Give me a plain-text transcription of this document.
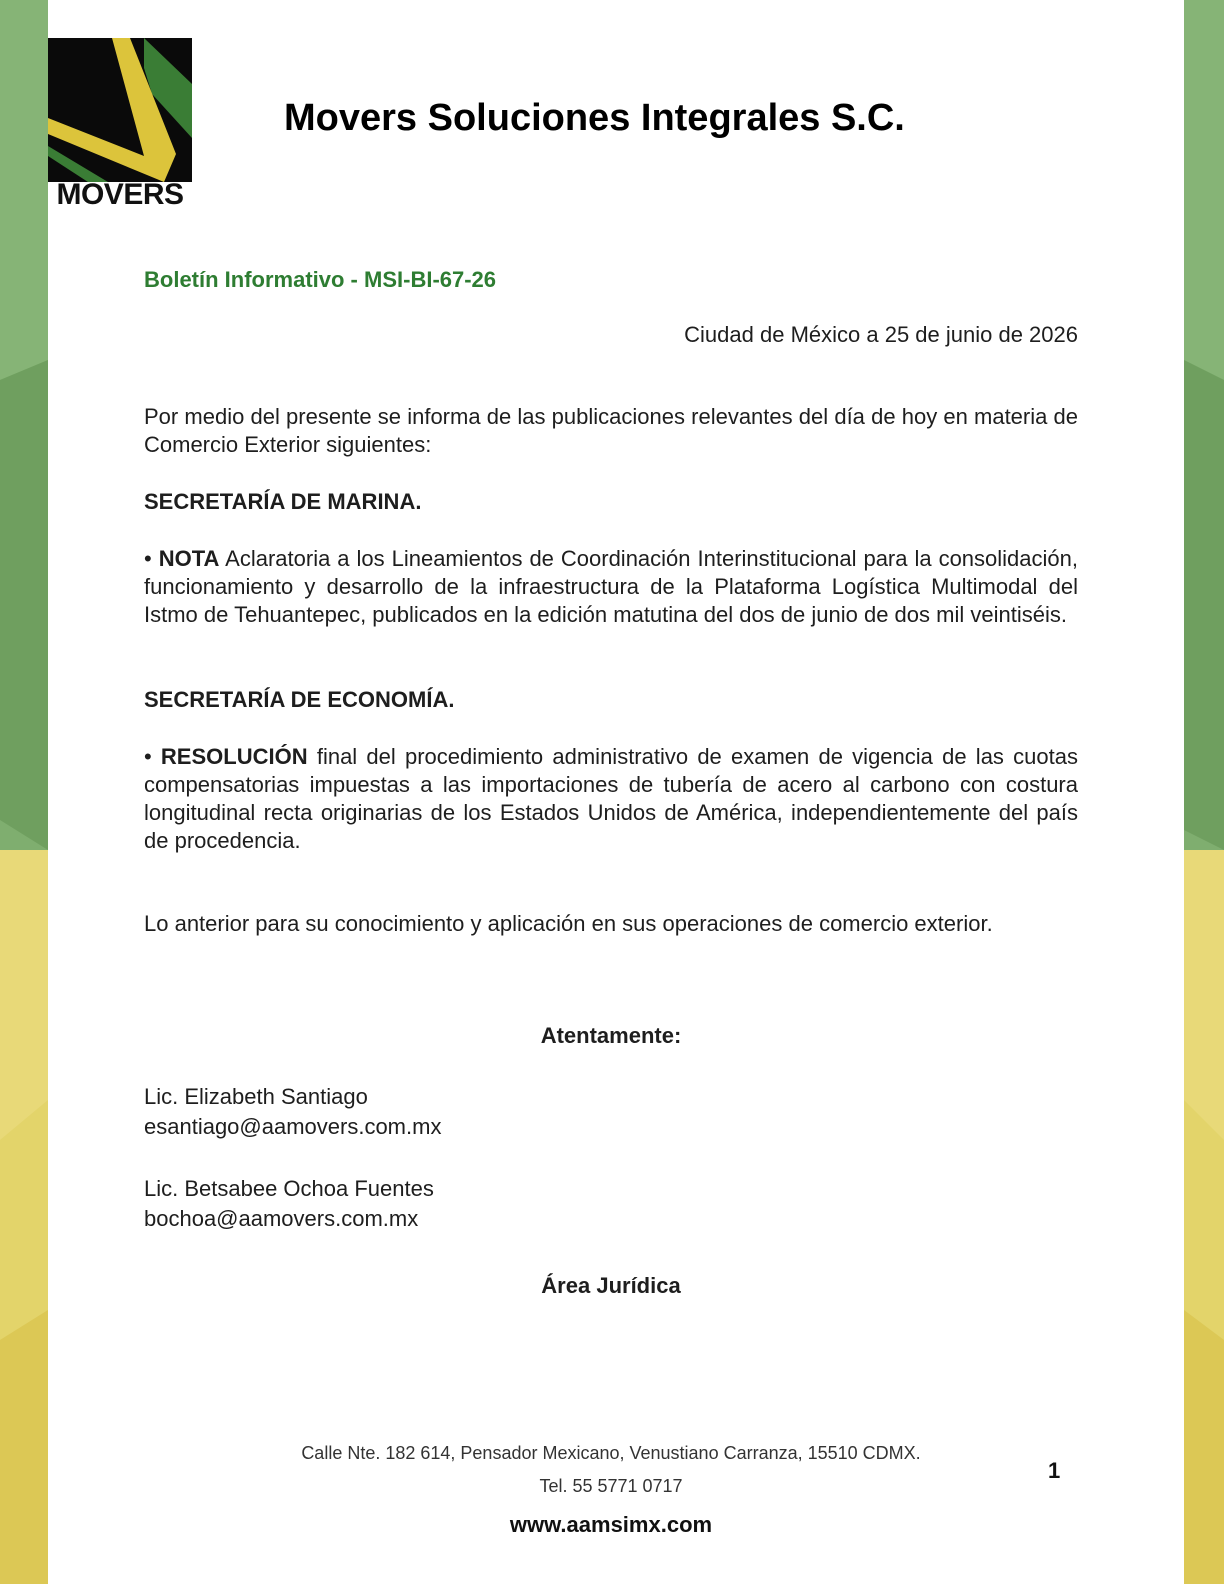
MOVERS
Movers Soluciones Integrales S.C.
Boletín Informativo - MSI-BI-67-26
Ciudad de México a 25 de junio de 2026
Por medio del presente se informa de las publicaciones relevantes del día de hoy en materia de Comercio Exterior siguientes:
SECRETARÍA DE MARINA.
• NOTA Aclaratoria a los Lineamientos de Coordinación Interinstitucional para la consolidación, funcionamiento y desarrollo de la infraestructura de la Plataforma Logística Multimodal del Istmo de Tehuantepec, publicados en la edición matutina del dos de junio de dos mil veintiséis.
SECRETARÍA DE ECONOMÍA.
• RESOLUCIÓN final del procedimiento administrativo de examen de vigencia de las cuotas compensatorias impuestas a las importaciones de tubería de acero al carbono con costura longitudinal recta originarias de los Estados Unidos de América, independientemente del país de procedencia.
Lo anterior para su conocimiento y aplicación en sus operaciones de comercio exterior.
Atentamente:
Lic. Elizabeth Santiago
esantiago@aamovers.com.mx
Lic. Betsabee Ochoa Fuentes
bochoa@aamovers.com.mx
Área Jurídica
Calle Nte. 182 614, Pensador Mexicano, Venustiano Carranza, 15510 CDMX.
Tel. 55 5771 0717
www.aamsimx.com
1
